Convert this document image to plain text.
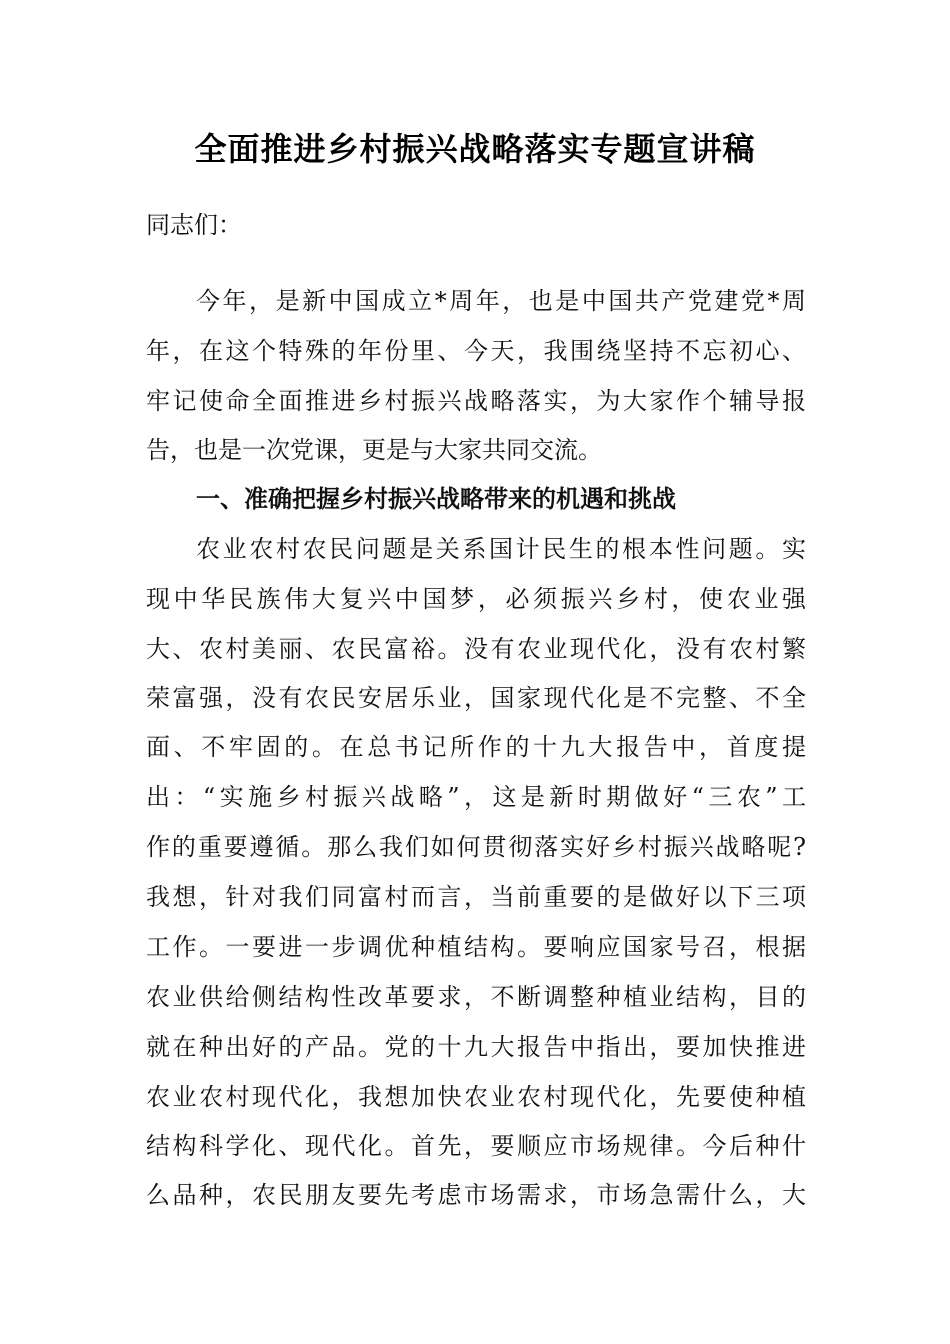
全面推进乡村振兴战略落实专题宣讲稿
同志们：
今年，是新中国成立*周年，也是中国共产党建党*周
年，在这个特殊的年份里、今天，我围绕坚持不忘初心、
牢记使命全面推进乡村振兴战略落实，为大家作个辅导报
告，也是一次党课，更是与大家共同交流。
一、准确把握乡村振兴战略带来的机遇和挑战
农业农村农民问题是关系国计民生的根本性问题。实
现中华民族伟大复兴中国梦，必须振兴乡村，使农业强
大、农村美丽、农民富裕。没有农业现代化，没有农村繁
荣富强，没有农民安居乐业，国家现代化是不完整、不全
面、不牢固的。在总书记所作的十九大报告中，首度提
出：“实施乡村振兴战略”，这是新时期做好“三农”工
作的重要遵循。那么我们如何贯彻落实好乡村振兴战略呢?
我想，针对我们同富村而言，当前重要的是做好以下三项
工作。一要进一步调优种植结构。要响应国家号召，根据
农业供给侧结构性改革要求，不断调整种植业结构，目的
就在种出好的产品。党的十九大报告中指出，要加快推进
农业农村现代化，我想加快农业农村现代化，先要使种植
结构科学化、现代化。首先，要顺应市场规律。今后种什
么品种，农民朋友要先考虑市场需求，市场急需什么，大
